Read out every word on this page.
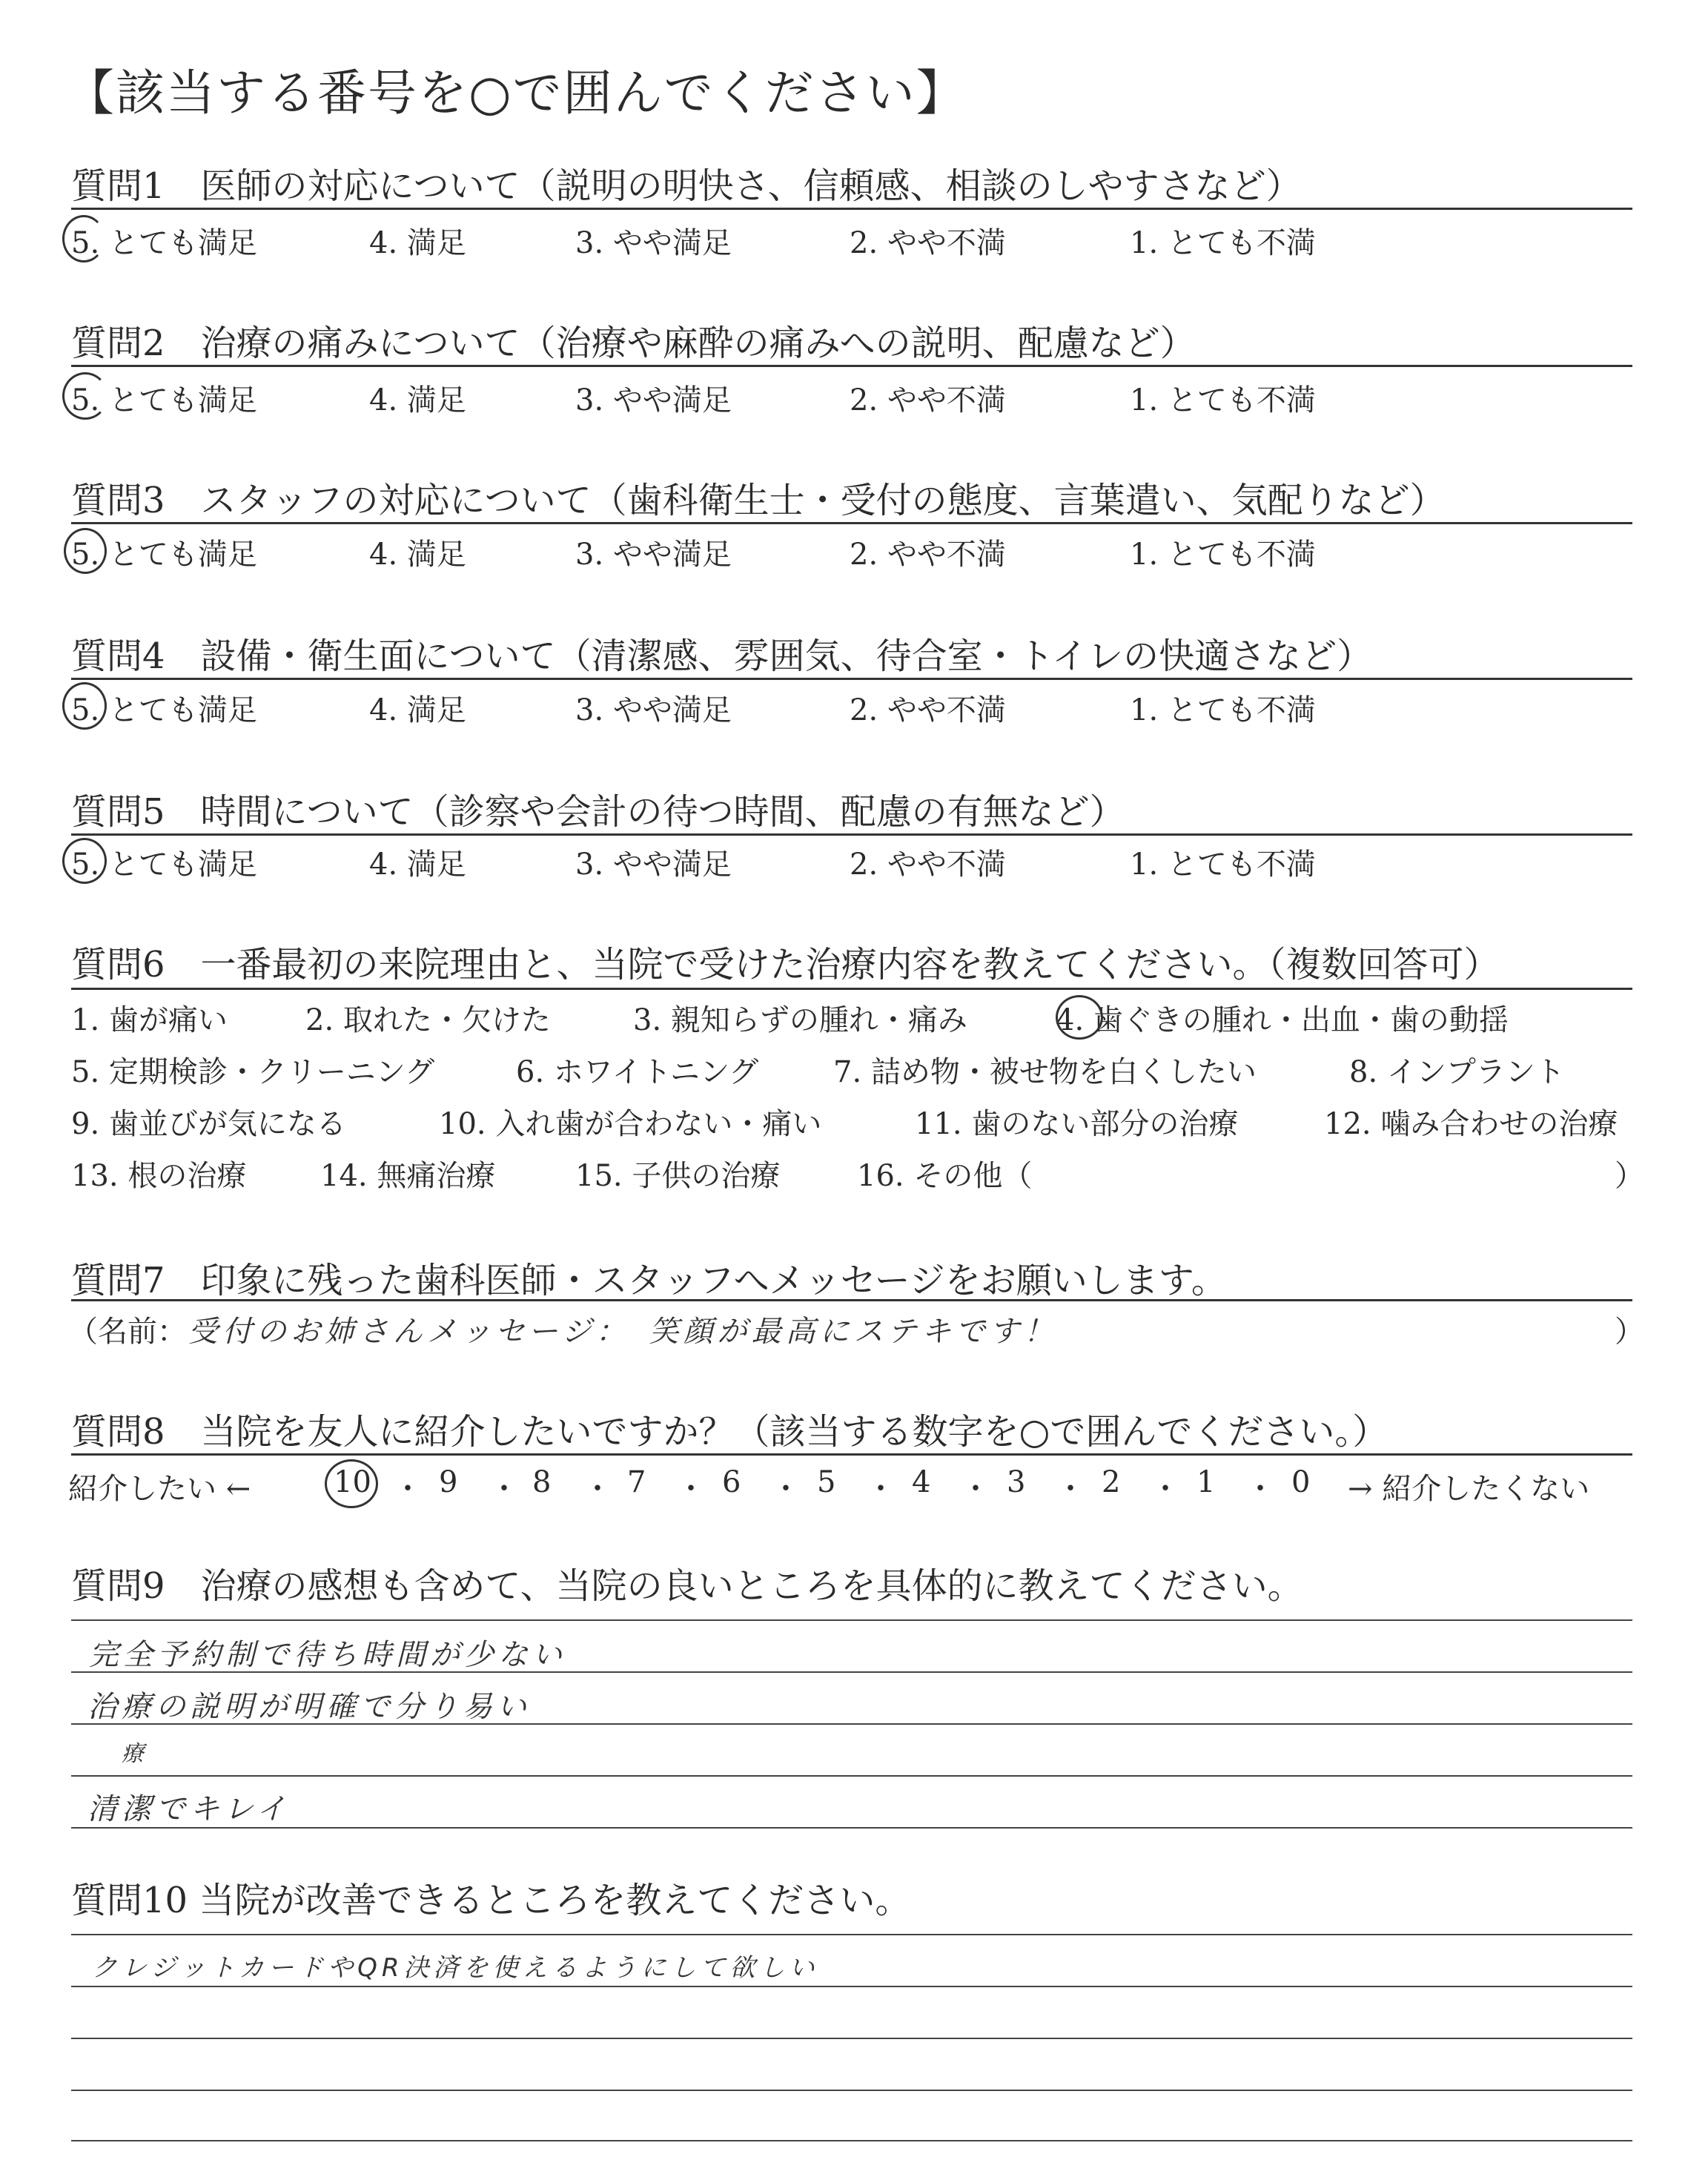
【該当する番号を○で囲んでください】
質問1　医師の対応について（説明の明快さ、信頼感、相談のしやすさなど）
5. とても満足	4. 満足	3. やや満足	2. やや不満	1. とても不満
質問2　治療の痛みについて（治療や麻酔の痛みへの説明、配慮など）
5. とても満足	4. 満足	3. やや満足	2. やや不満	1. とても不満
質問3　スタッフの対応について（歯科衛生士・受付の態度、言葉遣い、気配りなど）
5. とても満足	4. 満足	3. やや満足	2. やや不満	1. とても不満
質問4　設備・衛生面について（清潔感、雰囲気、待合室・トイレの快適さなど）
5. とても満足	4. 満足	3. やや満足	2. やや不満	1. とても不満
質問5　時間について（診察や会計の待つ時間、配慮の有無など）
5. とても満足	4. 満足	3. やや満足	2. やや不満	1. とても不満
質問6　一番最初の来院理由と、当院で受けた治療内容を教えてください。（複数回答可）
1. 歯が痛い	2. 取れた・欠けた	3. 親知らずの腫れ・痛み	4. 歯ぐきの腫れ・出血・歯の動揺
5. 定期検診・クリーニング	6. ホワイトニング	7. 詰め物・被せ物を白くしたい	8. インプラント
9. 歯並びが気になる	10. 入れ歯が合わない・痛い	11. 歯のない部分の治療	12. 噛み合わせの治療
13. 根の治療 14. 無痛治療	15. 子供の治療	16. その他（	）
質問7　印象に残った歯科医師・スタッフへメッセージをお願いします。
（名前： 受付のお姉さんメッセージ：　笑顔が最高にステキです！	）
質問8　当院を友人に紹介したいですか？（該当する数字を○で囲んでください。）
紹介したい ←	10 ・ 9 ・ 8 ・ 7 ・ 6 ・ 5 ・ 4 ・ 3 ・ 2 ・ 1 ・ 0 → 紹介したくない
質問9　治療の感想も含めて、当院の良いところを具体的に教えてください。
完全予約制で待ち時間が少ない
治療の説明が明確で分り易い
療
清潔でキレイ
質問10 当院が改善できるところを教えてください。
クレジットカードやQR決済を使えるようにして欲しい
